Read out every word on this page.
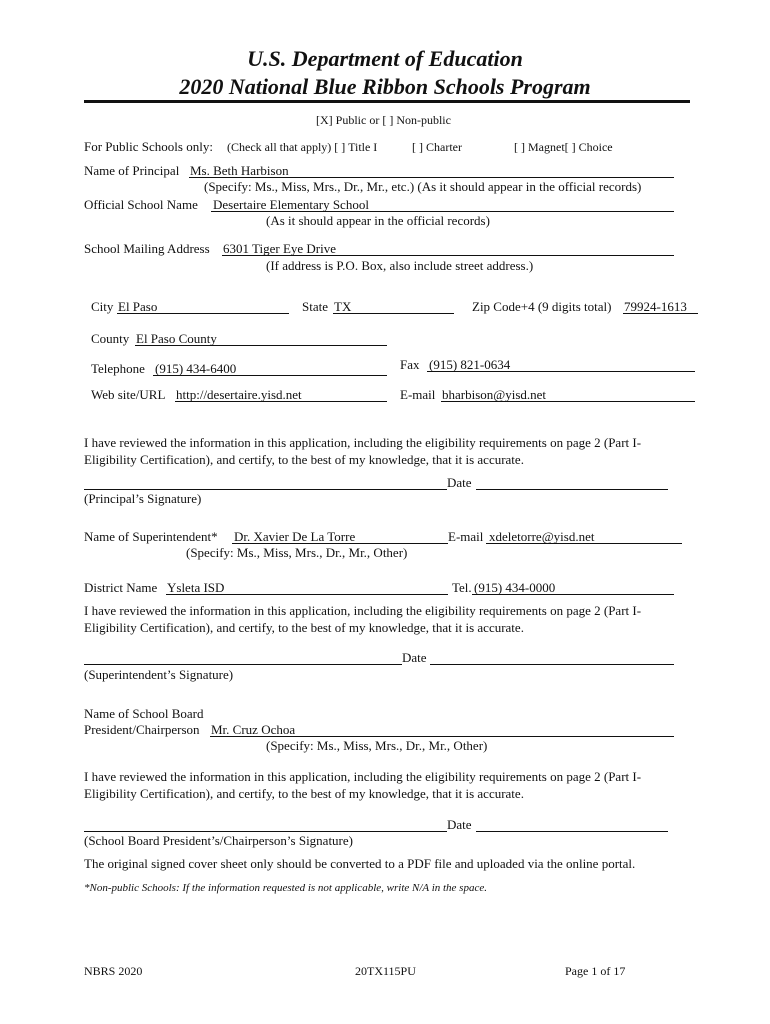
U.S. Department of Education
2020 National Blue Ribbon Schools Program
[X] Public or [ ] Non-public
For Public Schools only: (Check all that apply) [ ] Title I	[ ] Charter	[ ] Magnet[ ] Choice
Name of Principal Ms. Beth Harbison
(Specify: Ms., Miss, Mrs., Dr., Mr., etc.) (As it should appear in the official records)
Official School Name Desertaire Elementary School
(As it should appear in the official records)
School Mailing Address 6301 Tiger Eye Drive
(If address is P.O. Box, also include street address.)
City El Paso	State TX	Zip Code+4 (9 digits total) 79924-1613
County El Paso County
Telephone (915) 434-6400	Fax (915) 821-0634
Web site/URL http://desertaire.yisd.net	E-mail bharbison@yisd.net
I have reviewed the information in this application, including the eligibility requirements on page 2 (Part I-
Eligibility Certification), and certify, to the best of my knowledge, that it is accurate.
Date
(Principal’s Signature)
Name of Superintendent* Dr. Xavier De La Torre	E-mail xdeletorre@yisd.net
(Specify: Ms., Miss, Mrs., Dr., Mr., Other)
District Name Ysleta ISD	Tel. (915) 434-0000
I have reviewed the information in this application, including the eligibility requirements on page 2 (Part I-
Eligibility Certification), and certify, to the best of my knowledge, that it is accurate.
Date
(Superintendent’s Signature)
Name of School Board
President/Chairperson Mr. Cruz Ochoa
(Specify: Ms., Miss, Mrs., Dr., Mr., Other)
I have reviewed the information in this application, including the eligibility requirements on page 2 (Part I-
Eligibility Certification), and certify, to the best of my knowledge, that it is accurate.
Date
(School Board President’s/Chairperson’s Signature)
The original signed cover sheet only should be converted to a PDF file and uploaded via the online portal.
*Non-public Schools: If the information requested is not applicable, write N/A in the space.
NBRS 2020	20TX115PU	Page 1 of 17
